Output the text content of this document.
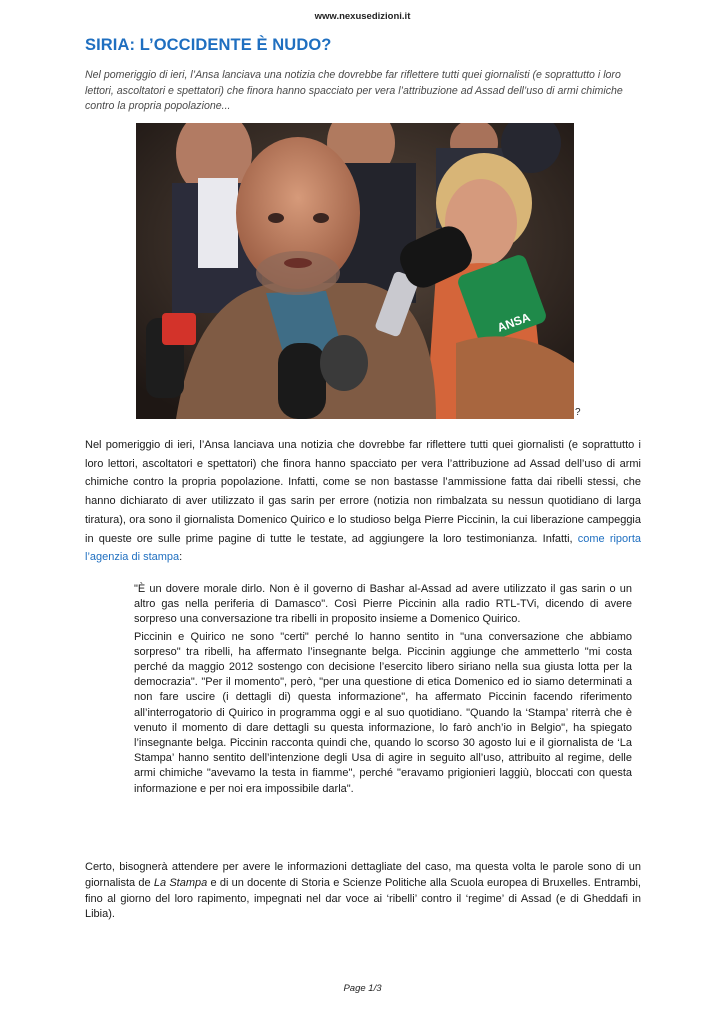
www.nexusedizioni.it
SIRIA: L’OCCIDENTE È NUDO?

Nel pomeriggio di ieri, l’Ansa lanciava una notizia che dovrebbe far riflettere tutti quei giornalisti (e soprattutto i loro lettori, ascoltatori e spettatori) che finora hanno spacciato per vera l’attribuzione ad Assad dell’uso di armi chimiche contro la propria popolazione...

ANSA
?

Nel pomeriggio di ieri, l’Ansa lanciava una notizia che dovrebbe far riflettere tutti quei giornalisti (e soprattutto i loro lettori, ascoltatori e spettatori) che finora hanno spacciato per vera l’attribuzione ad Assad dell’uso di armi chimiche contro la propria popolazione. Infatti, come se non bastasse l’ammissione fatta dai ribelli stessi, che hanno dichiarato di aver utilizzato il gas sarin per errore (notizia non rimbalzata su nessun quotidiano di larga tiratura), ora sono il giornalista Domenico Quirico e lo studioso belga Pierre Piccinin, la cui liberazione campeggia in queste ore sulle prime pagine di tutte le testate, ad aggiungere la loro testimonianza. Infatti, come riporta l’agenzia di stampa:

"È un dovere morale dirlo. Non è il governo di Bashar al-Assad ad avere utilizzato il gas sarin o un altro gas nella periferia di Damasco". Così Pierre Piccinin alla radio RTL-TVi, dicendo di avere sorpreso una conversazione tra ribelli in proposito insieme a Domenico Quirico.

Piccinin e Quirico ne sono "certi" perché lo hanno sentito in "una conversazione che abbiamo sorpreso" tra ribelli, ha affermato l’insegnante belga. Piccinin aggiunge che ammetterlo "mi costa perché da maggio 2012 sostengo con decisione l’esercito libero siriano nella sua giusta lotta per la democrazia". "Per il momento", però, "per una questione di etica Domenico ed io siamo determinati a non fare uscire (i dettagli di) questa informazione", ha affermato Piccinin facendo riferimento all’interrogatorio di Quirico in programma oggi e al suo quotidiano. "Quando la ‘Stampa’ riterrà che è venuto il momento di dare dettagli su questa informazione, lo farò anch’io in Belgio", ha spiegato l’insegnante belga. Piccinin racconta quindi che, quando lo scorso 30 agosto lui e il giornalista de ‘La Stampa’ hanno sentito dell’intenzione degli Usa di agire in seguito all’uso, attribuito al regime, delle armi chimiche "avevamo la testa in fiamme", perché "eravamo prigionieri laggiù, bloccati con questa informazione e per noi era impossibile darla".

Certo, bisognerà attendere per avere le informazioni dettagliate del caso, ma questa volta le parole sono di un giornalista de La Stampa e di un docente di Storia e Scienze Politiche alla Scuola europea di Bruxelles. Entrambi, fino al giorno del loro rapimento, impegnati nel dar voce ai ‘ribelli’ contro il ‘regime’ di Assad (e di Gheddafi in Libia).

Page 1/3
